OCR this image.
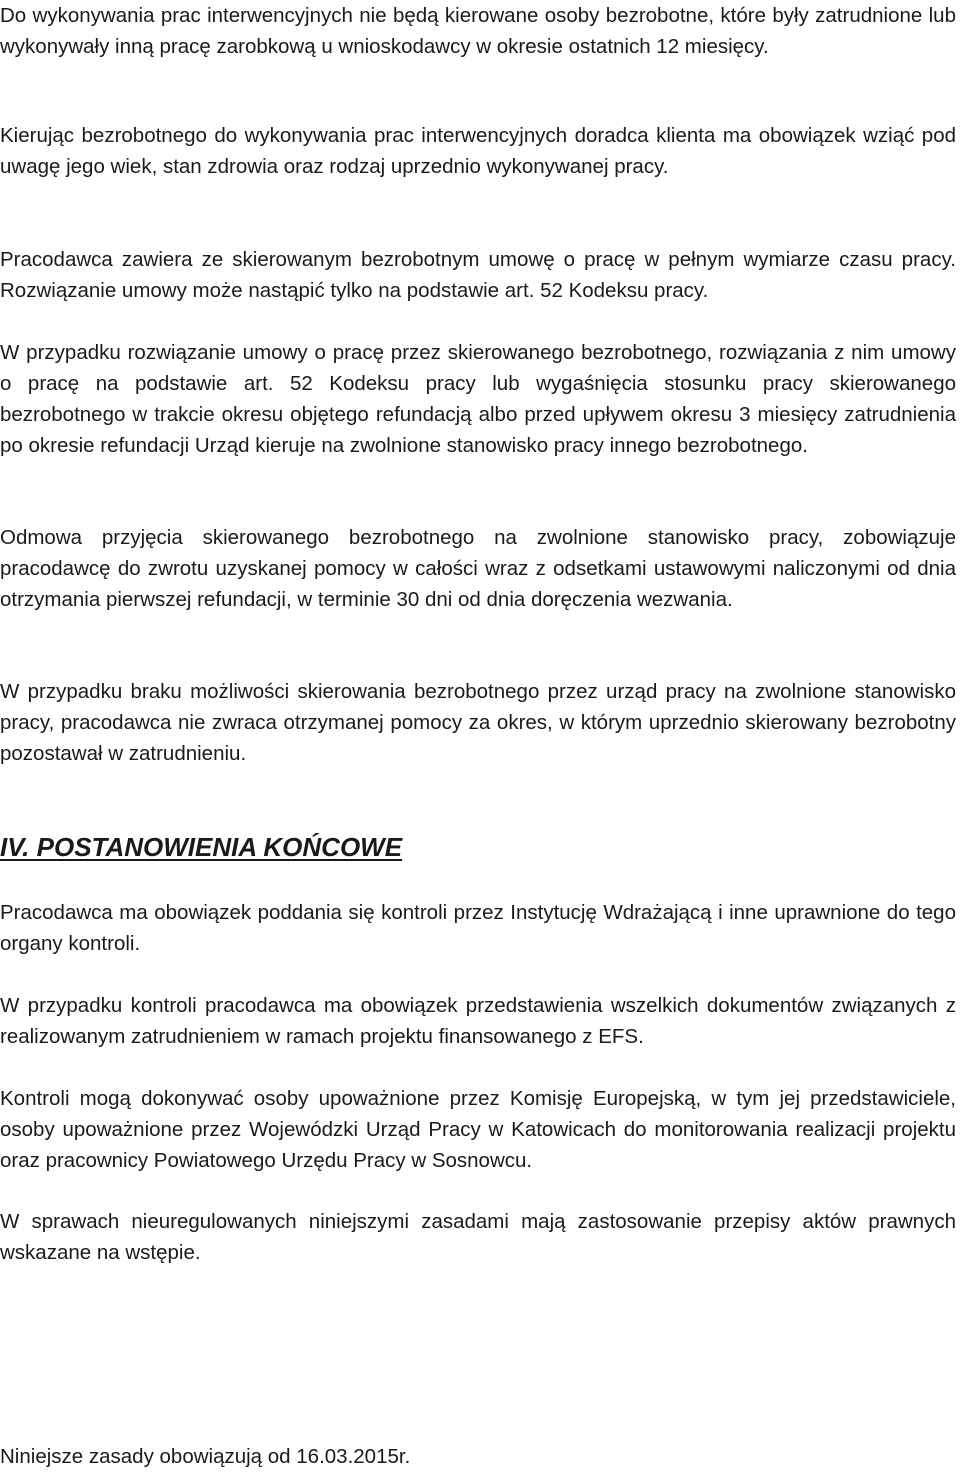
Do wykonywania prac interwencyjnych nie będą kierowane osoby bezrobotne, które były zatrudnione lub wykonywały inną pracę zarobkową u wnioskodawcy w okresie ostatnich 12 miesięcy.

Kierując bezrobotnego do wykonywania prac interwencyjnych doradca klienta ma obowiązek wziąć pod uwagę jego wiek, stan zdrowia oraz rodzaj uprzednio wykonywanej pracy.

Pracodawca zawiera ze skierowanym bezrobotnym umowę o pracę w pełnym wymiarze czasu pracy. Rozwiązanie umowy może nastąpić tylko na podstawie art. 52 Kodeksu pracy.

W przypadku rozwiązanie umowy o pracę przez skierowanego bezrobotnego, rozwiązania z nim umowy o pracę na podstawie art. 52 Kodeksu pracy lub wygaśnięcia stosunku pracy skierowanego bezrobotnego w trakcie okresu objętego refundacją albo przed upływem okresu 3 miesięcy zatrudnienia po okresie refundacji Urząd kieruje na zwolnione stanowisko pracy innego bezrobotnego.

Odmowa przyjęcia skierowanego bezrobotnego na zwolnione stanowisko pracy, zobowiązuje pracodawcę do zwrotu uzyskanej pomocy w całości wraz z odsetkami ustawowymi naliczonymi od dnia otrzymania pierwszej refundacji, w terminie 30 dni od dnia doręczenia wezwania.

W przypadku braku możliwości skierowania bezrobotnego przez urząd pracy na zwolnione stanowisko pracy, pracodawca nie zwraca otrzymanej pomocy za okres, w którym uprzednio skierowany bezrobotny pozostawał w zatrudnieniu.

IV. POSTANOWIENIA KOŃCOWE

Pracodawca ma obowiązek poddania się kontroli przez Instytucję Wdrażającą i inne uprawnione do tego organy kontroli.

W przypadku kontroli pracodawca ma obowiązek przedstawienia wszelkich dokumentów związanych z realizowanym zatrudnieniem w ramach projektu finansowanego z EFS.

Kontroli mogą dokonywać osoby upoważnione przez Komisję Europejską, w tym jej przedstawiciele, osoby upoważnione przez Wojewódzki Urząd Pracy w Katowicach do monitorowania realizacji projektu oraz pracownicy Powiatowego Urzędu Pracy w Sosnowcu.

W sprawach nieuregulowanych niniejszymi zasadami mają zastosowanie przepisy aktów prawnych wskazane na wstępie.

Niniejsze zasady obowiązują od 16.03.2015r.
